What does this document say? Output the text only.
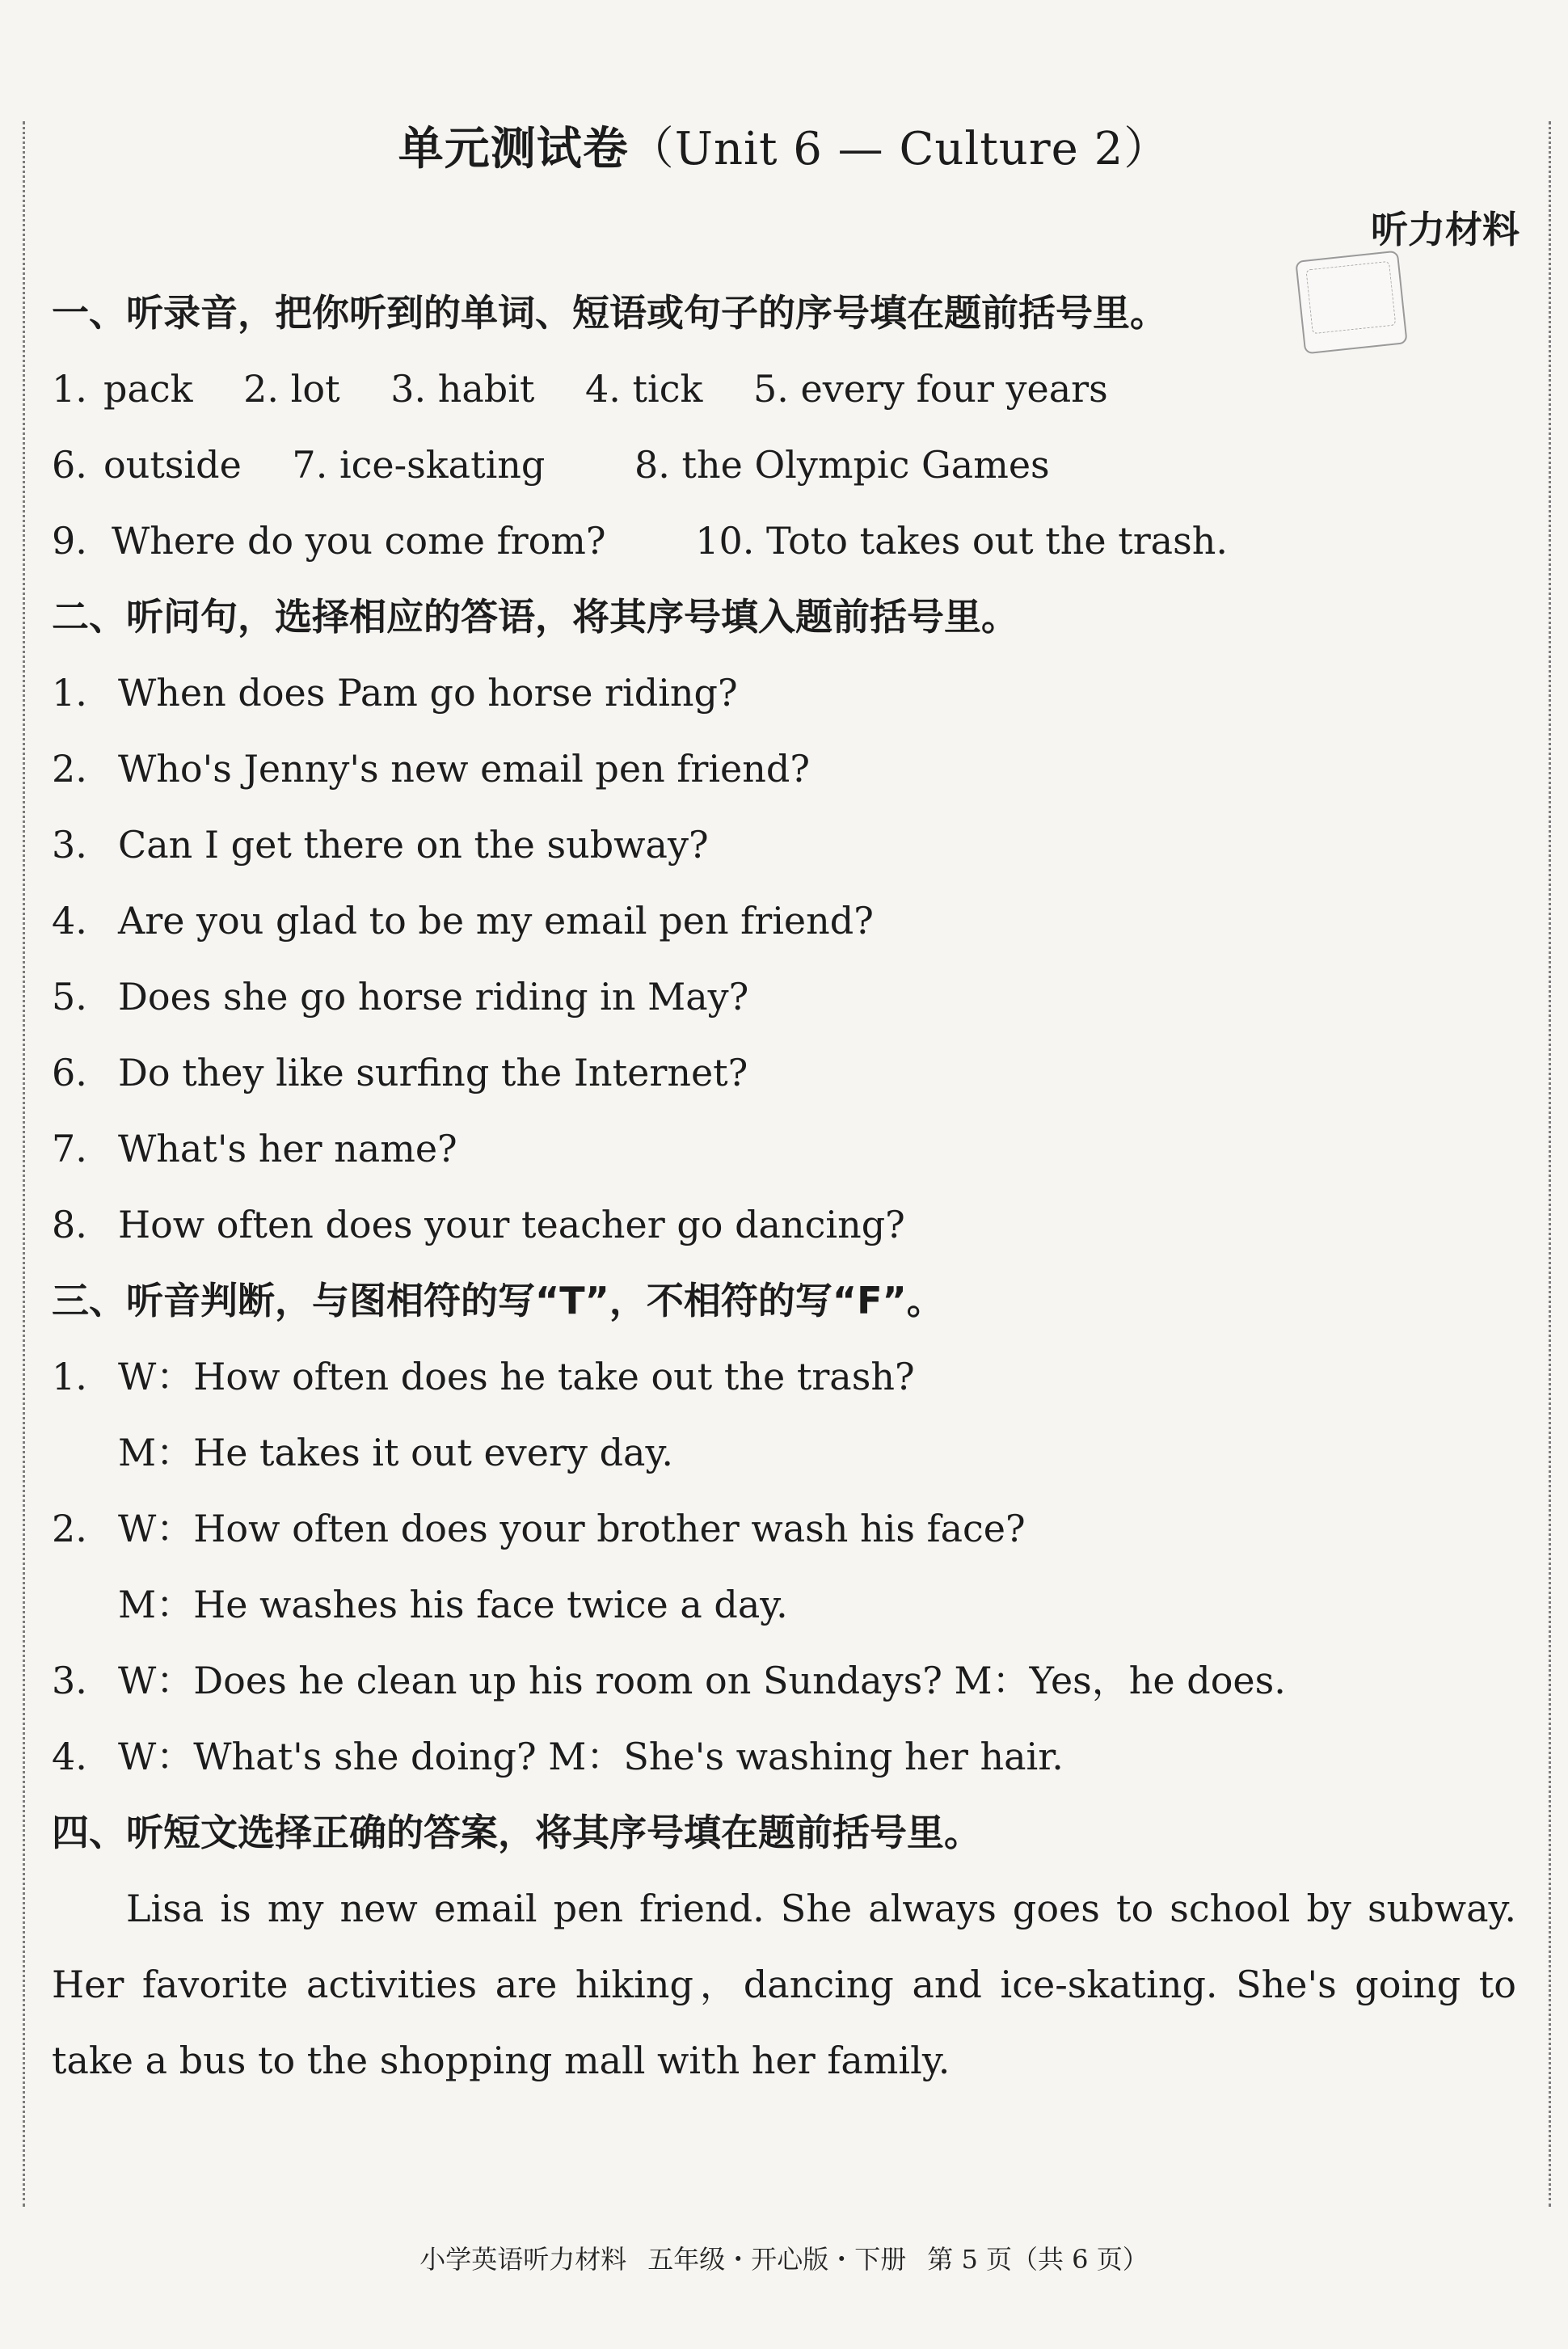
单元测试卷（Unit 6 — Culture 2）
听力材料
一、听录音，把你听到的单词、短语或句子的序号填在题前括号里。
1. pack 2. lot 3. habit 4. tick 5. every four years
6. outside 7. ice-skating 8. the Olympic Games
9. Where do you come from? 10. Toto takes out the trash.
二、听问句，选择相应的答语，将其序号填入题前括号里。
1. When does Pam go horse riding?
2. Who's Jenny's new email pen friend?
3. Can I get there on the subway?
4. Are you glad to be my email pen friend?
5. Does she go horse riding in May?
6. Do they like surfing the Internet?
7. What's her name?
8. How often does your teacher go dancing?
三、听音判断，与图相符的写“T”，不相符的写“F”。
1. W：How often does he take out the trash?
M：He takes it out every day.
2. W：How often does your brother wash his face?
M：He washes his face twice a day.
3. W：Does he clean up his room on Sundays? M：Yes，he does.
4. W：What's she doing? M：She's washing her hair.
四、听短文选择正确的答案，将其序号填在题前括号里。

Lisa is my new email pen friend. She always goes to school by subway. Her favorite activities are hiking，dancing and ice-skating. She's going to take a bus to the shopping mall with her family.

小学英语听力材料 五年级・开心版・下册 第 5 页（共 6 页）
